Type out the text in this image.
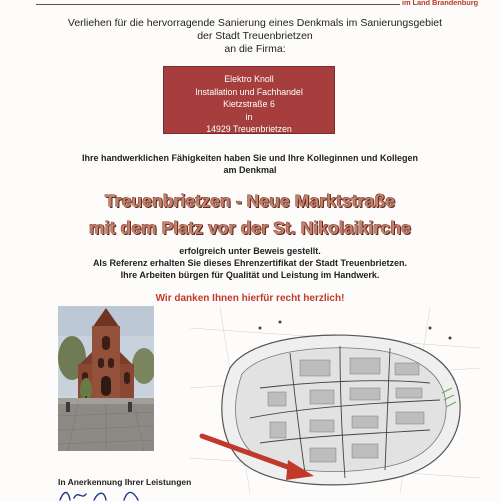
im Land Brandenburg
Verliehen für die hervorragende Sanierung eines Denkmals im Sanierungsgebiet
der Stadt Treuenbrietzen
an die Firma:
Elektro Knoll
Installation und Fachhandel
Kietzstraße 6
in
14929 Treuenbrietzen
Ihre handwerklichen Fähigkeiten haben Sie und Ihre Kolleginnen und Kollegen
am Denkmal
Treuenbrietzen - Neue Marktstraße
mit dem Platz vor der St. Nikolaikirche
erfolgreich unter Beweis gestellt.
Als Referenz erhalten Sie dieses Ehrenzertifikat der Stadt Treuenbrietzen.
Ihre Arbeiten bürgen für Qualität und Leistung im Handwerk.
Wir danken Ihnen hierfür recht herzlich!
In Anerkennung Ihrer Leistungen
